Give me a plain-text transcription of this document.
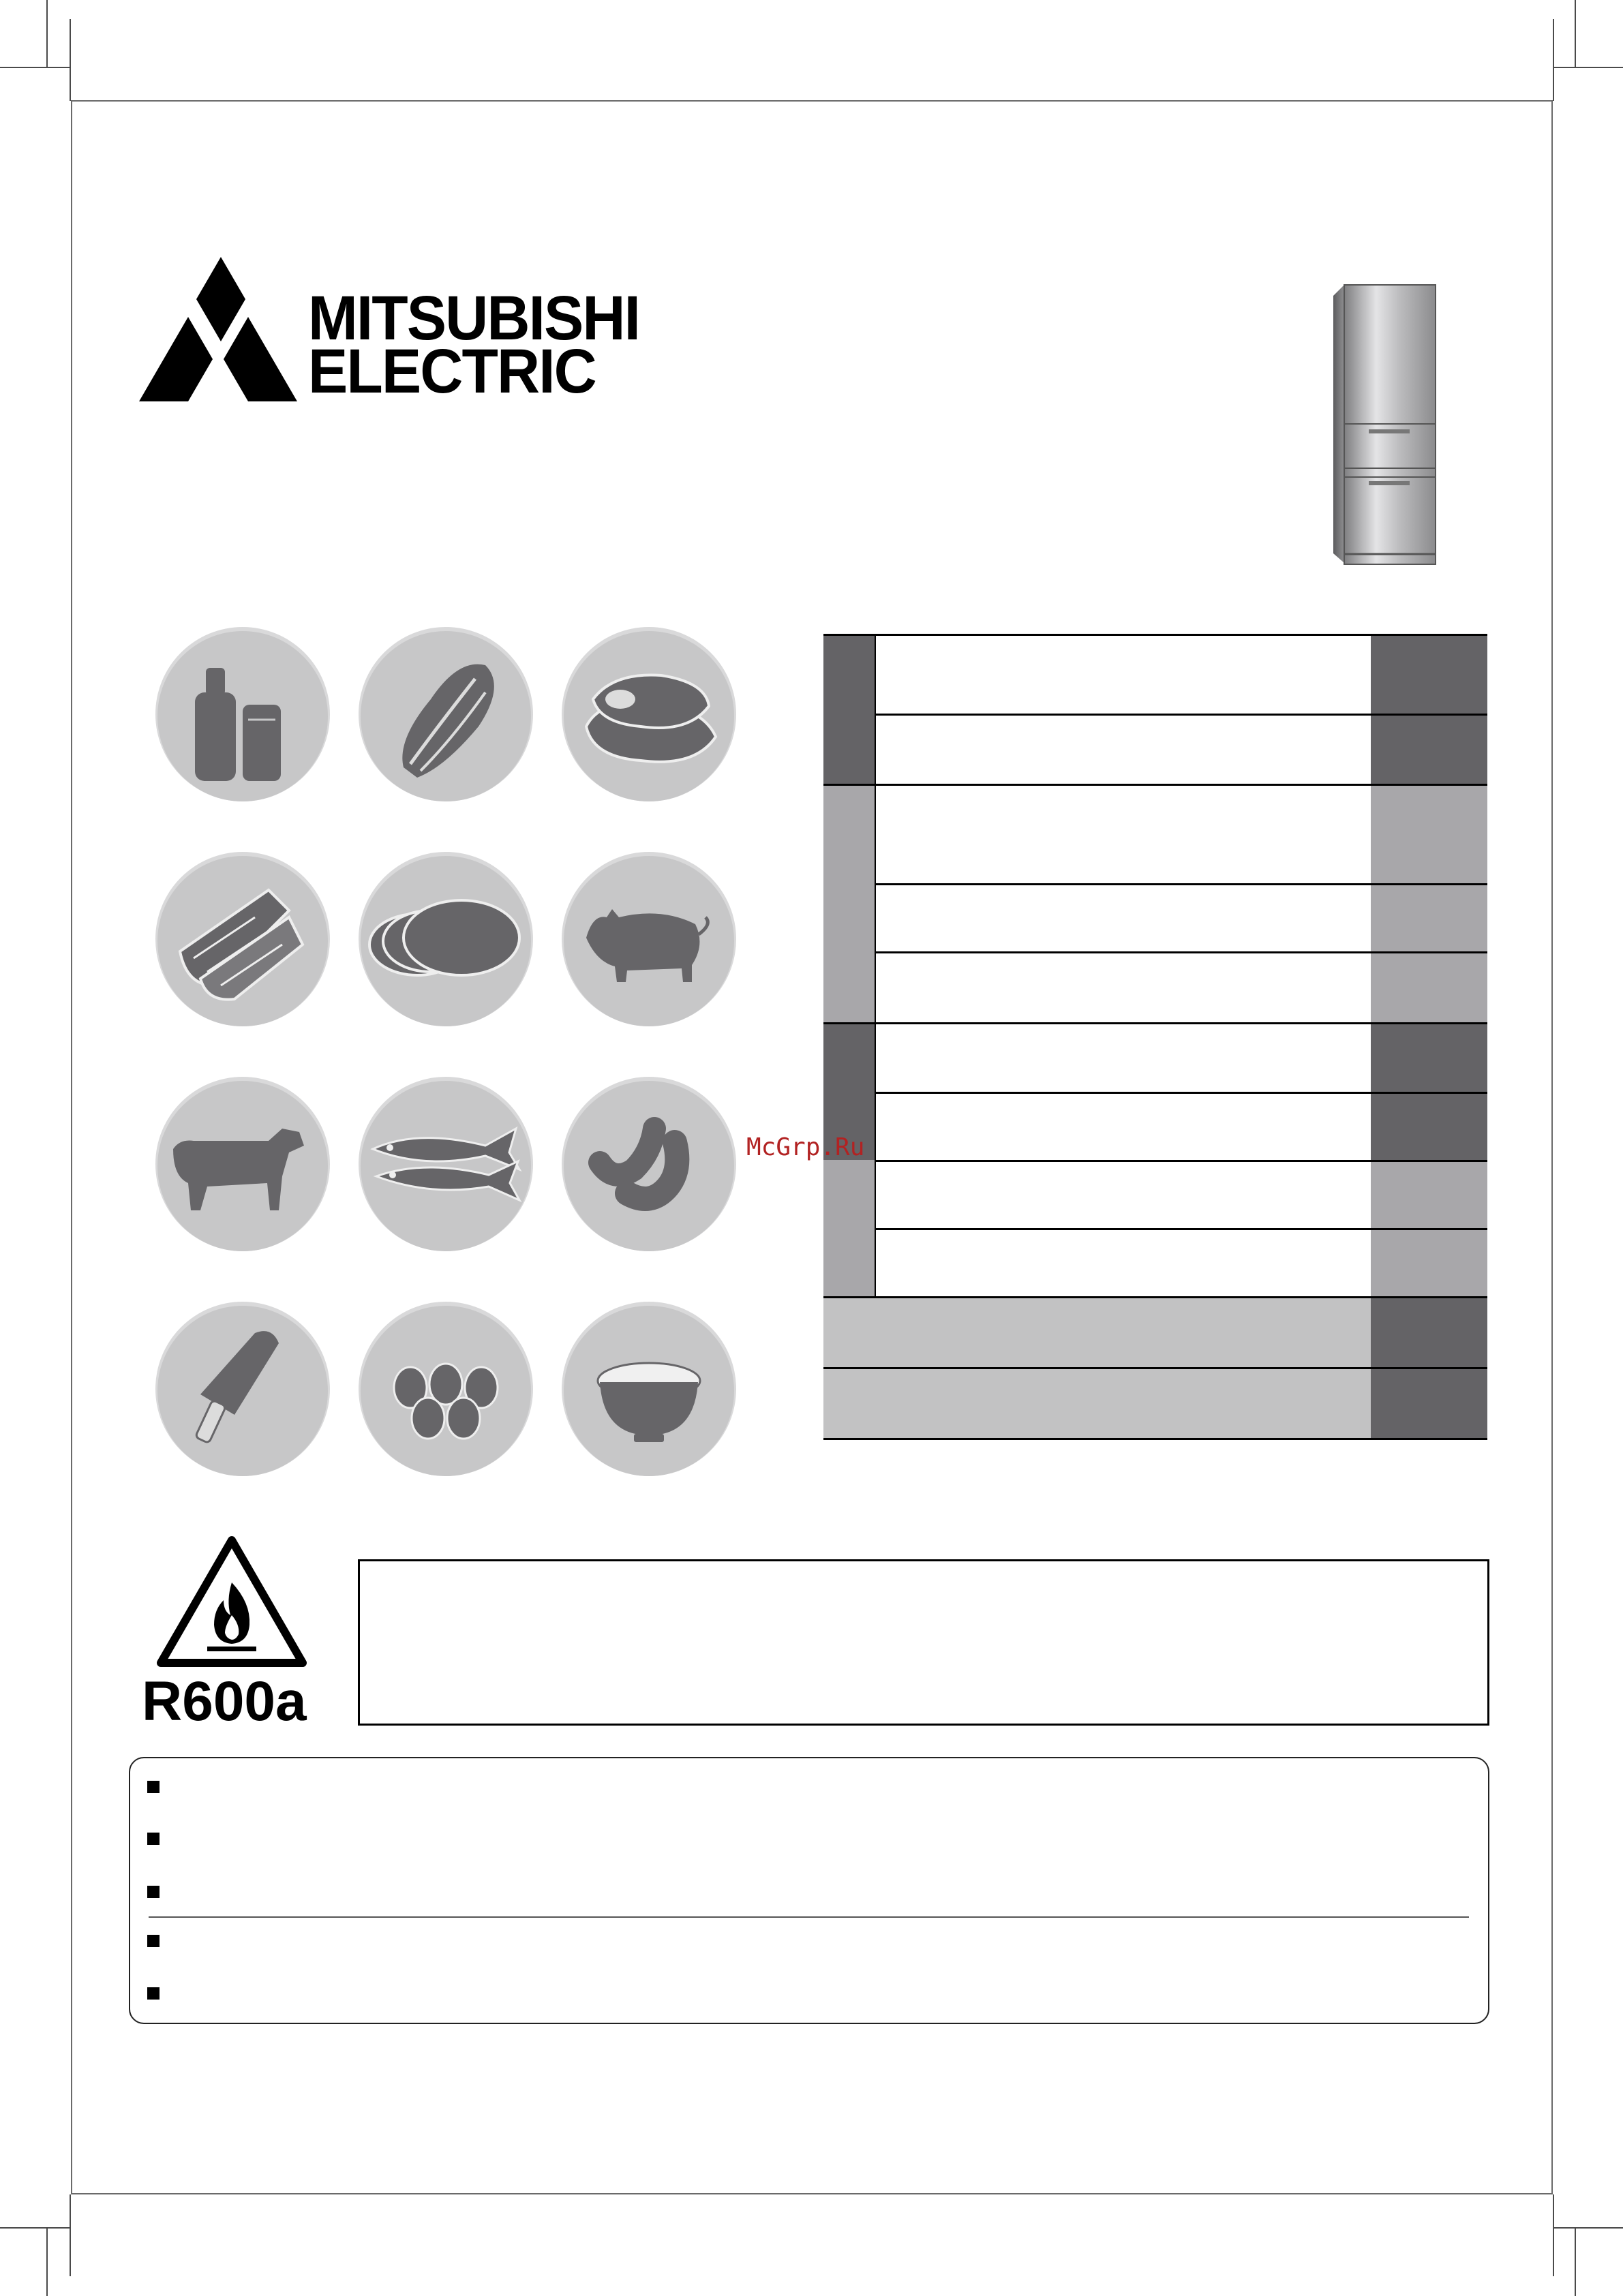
MITSUBISHI
ELECTRIC
R600a
McGrp.Ru
